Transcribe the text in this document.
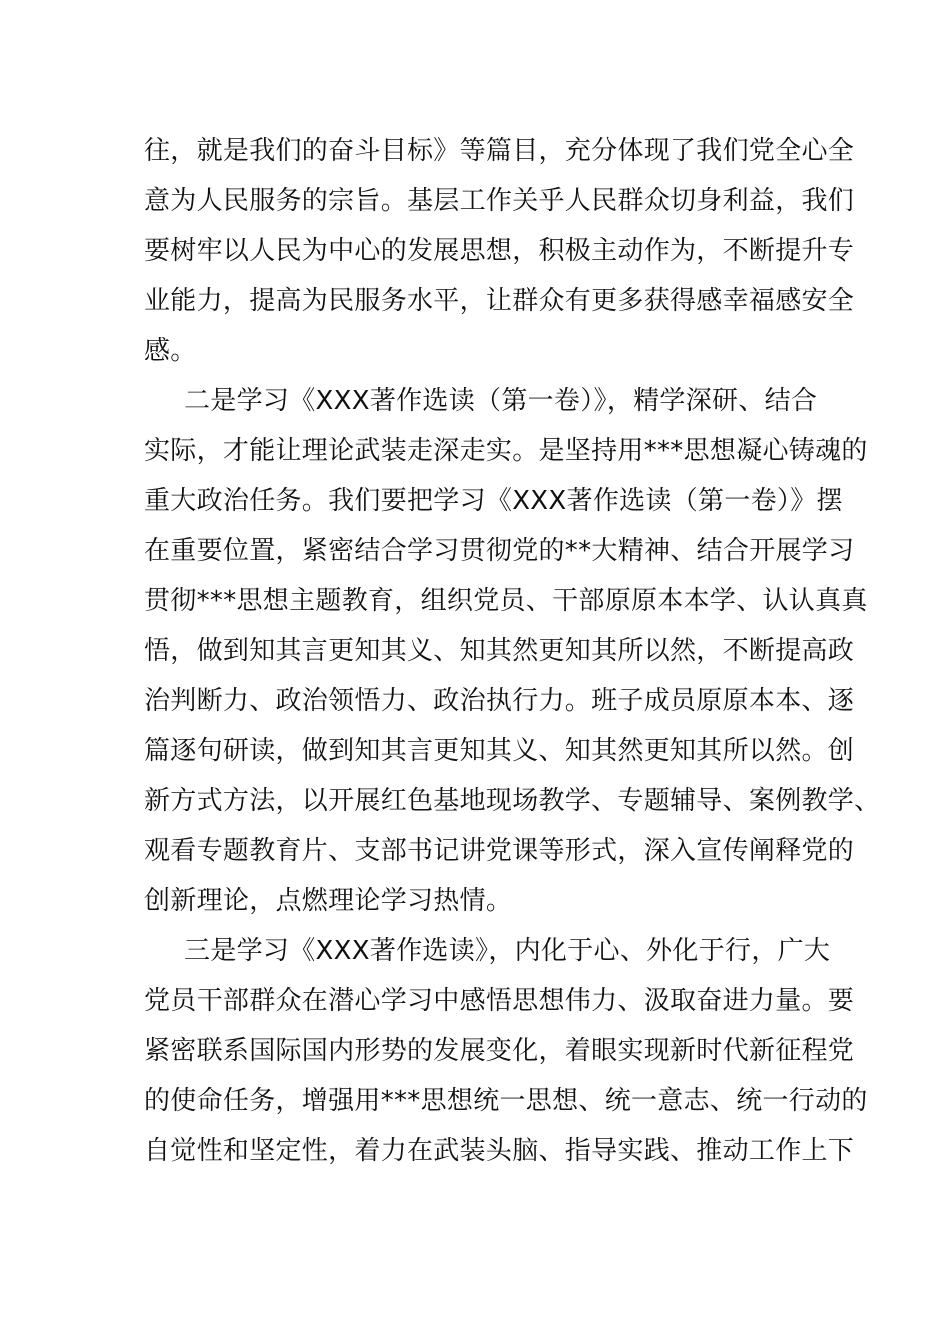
往，就是我们的奋斗目标》等篇目，充分体现了我们党全心全
意为人民服务的宗旨。基层工作关乎人民群众切身利益，我们
要树牢以人民为中心的发展思想，积极主动作为，不断提升专
业能力，提高为民服务水平，让群众有更多获得感幸福感安全
感。
二是学习《XXX著作选读（第一卷）》，精学深研、结合
实际，才能让理论武装走深走实。是坚持用***思想凝心铸魂的
重大政治任务。我们要把学习《XXX著作选读（第一卷）》摆
在重要位置，紧密结合学习贯彻党的**大精神、结合开展学习
贯彻***思想主题教育，组织党员、干部原原本本学、认认真真
悟，做到知其言更知其义、知其然更知其所以然，不断提高政
治判断力、政治领悟力、政治执行力。班子成员原原本本、逐
篇逐句研读，做到知其言更知其义、知其然更知其所以然。创
新方式方法，以开展红色基地现场教学、专题辅导、案例教学、
观看专题教育片、支部书记讲党课等形式，深入宣传阐释党的
创新理论，点燃理论学习热情。
三是学习《XXX著作选读》，内化于心、外化于行，广大
党员干部群众在潜心学习中感悟思想伟力、汲取奋进力量。要
紧密联系国际国内形势的发展变化，着眼实现新时代新征程党
的使命任务，增强用***思想统一思想、统一意志、统一行动的
自觉性和坚定性，着力在武装头脑、指导实践、推动工作上下
